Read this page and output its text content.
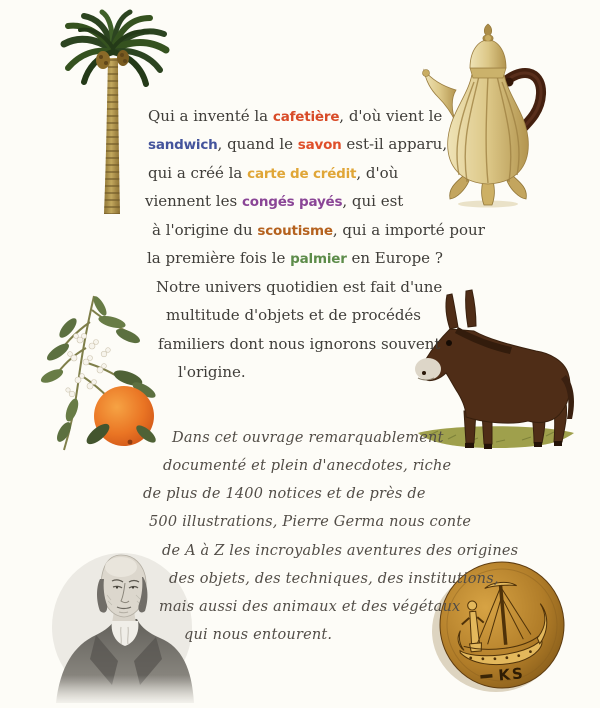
KS
Qui a inventé la cafetière, d'où vient le
sandwich, quand le savon est-il apparu,
qui a créé la carte de crédit, d'où
viennent les congés payés, qui est
à l'origine du scoutisme, qui a importé pour
la première fois le palmier en Europe ?
Notre univers quotidien est fait d'une
multitude d'objets et de procédés
familiers dont nous ignorons souvent
l'origine.
Dans cet ouvrage remarquablement
documenté et plein d'anecdotes, riche
de plus de 1400 notices et de près de
500 illustrations, Pierre Germa nous conte
de A à Z les incroyables aventures des origines
des objets, des techniques, des institutions,
mais aussi des animaux et des végétaux
qui nous entourent.
